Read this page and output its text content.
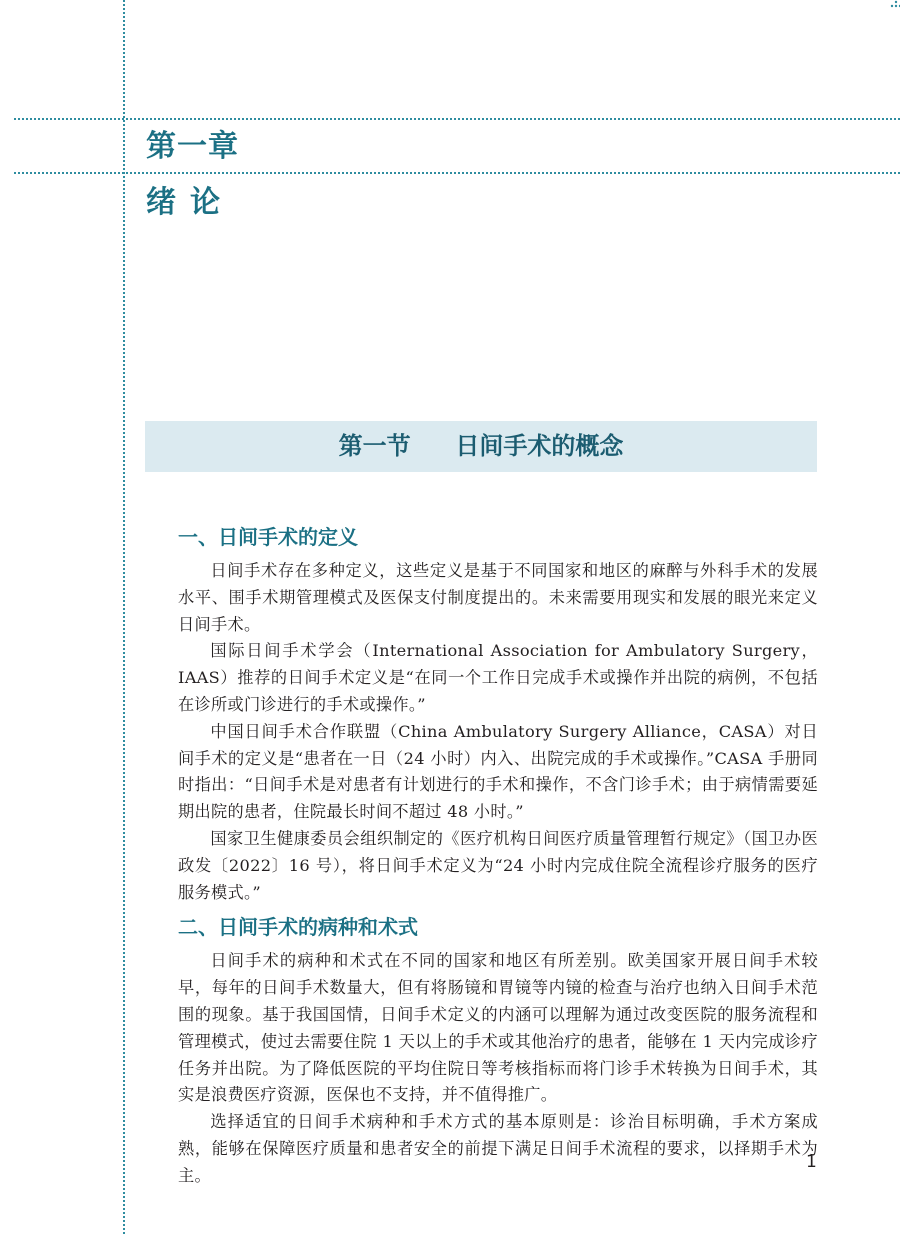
第一章
绪论
第一节  日间手术的概念
一、日间手术的定义

日间手术存在多种定义，这些定义是基于不同国家和地区的麻醉与外科手术的发展水平、围手术期管理模式及医保支付制度提出的。未来需要用现实和发展的眼光来定义日间手术。

国际日间手术学会（International Association for Ambulatory Surgery，IAAS）推荐的日间手术定义是“在同一个工作日完成手术或操作并出院的病例，不包括在诊所或门诊进行的手术或操作。”

中国日间手术合作联盟（China Ambulatory Surgery Alliance，CASA）对日间手术的定义是“患者在一日（24 小时）内入、出院完成的手术或操作。”CASA 手册同时指出：“日间手术是对患者有计划进行的手术和操作，不含门诊手术；由于病情需要延期出院的患者，住院最长时间不超过 48 小时。”

国家卫生健康委员会组织制定的《医疗机构日间医疗质量管理暂行规定》（国卫办医政发〔2022〕16 号），将日间手术定义为“24 小时内完成住院全流程诊疗服务的医疗服务模式。”

二、日间手术的病种和术式

日间手术的病种和术式在不同的国家和地区有所差别。欧美国家开展日间手术较早，每年的日间手术数量大，但有将肠镜和胃镜等内镜的检查与治疗也纳入日间手术范围的现象。基于我国国情，日间手术定义的内涵可以理解为通过改变医院的服务流程和管理模式，使过去需要住院 1 天以上的手术或其他治疗的患者，能够在 1 天内完成诊疗任务并出院。为了降低医院的平均住院日等考核指标而将门诊手术转换为日间手术，其实是浪费医疗资源，医保也不支持，并不值得推广。

选择适宜的日间手术病种和手术方式的基本原则是：诊治目标明确，手术方案成熟，能够在保障医疗质量和患者安全的前提下满足日间手术流程的要求，以择期手术为主。

1
